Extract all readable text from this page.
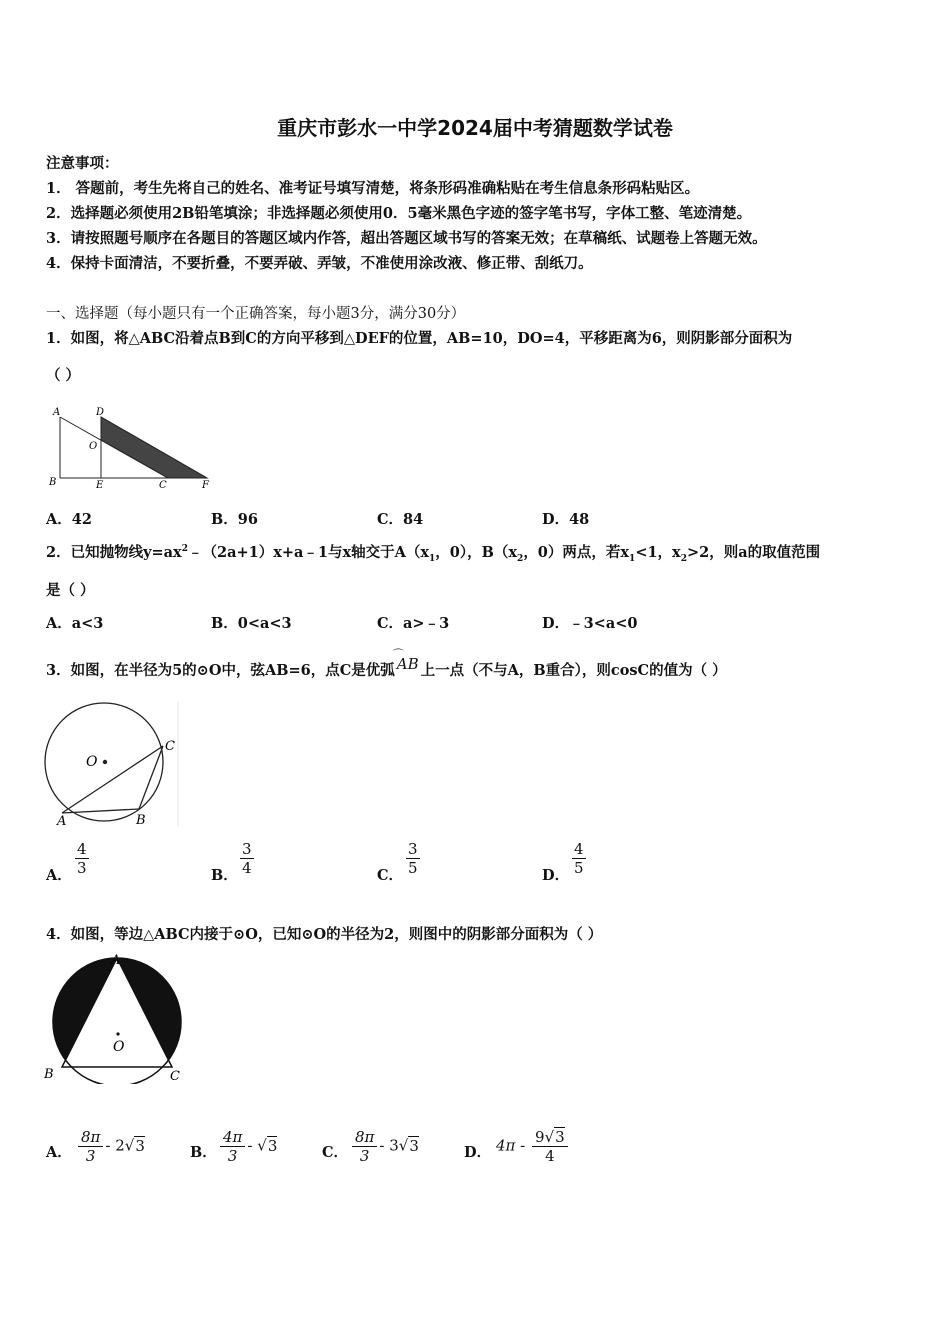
重庆市彭水一中学2024届中考猜题数学试卷
注意事项：
1． 答题前，考生先将自己的姓名、准考证号填写清楚，将条形码准确粘贴在考生信息条形码粘贴区。
2．选择题必须使用2B铅笔填涂；非选择题必须使用0．5毫米黑色字迹的签字笔书写，字体工整、笔迹清楚。
3．请按照题号顺序在各题目的答题区域内作答，超出答题区域书写的答案无效；在草稿纸、试题卷上答题无效。
4．保持卡面清洁，不要折叠，不要弄破、弄皱，不准使用涂改液、修正带、刮纸刀。
一、选择题（每小题只有一个正确答案，每小题3分，满分30分）
1．如图，将△ABC沿着点B到C的方向平移到△DEF的位置，AB=10，DO=4，平移距离为6，则阴影部分面积为
（ ）
A	D
O
B	E	C	F
A．42	B．96	C．84	D．48
2．已知抛物线$y=ax^2﹣(2a+1)x+a﹣1$与x轴交于$A(x_1$，0），$B(x_2$，0）两点，若$x_1<1$，$x_2>2$，则a的取值范围
是（ ）
A．a<3	B．0<a<3	C．a>﹣3	D．﹣3<a<0
3．如图，在半径为5的⊙O中，弦AB=6，点C是优弧
⌒
AB 上一点（不与A，B重合），则cosC的值为（ ）
O
C
A	B
A． $\frac{4}{3}$	B． $\frac{3}{4}$	C． $\frac{3}{5}$	D． $\frac{4}{5}$
4．如图，等边△ABC内接于⊙O，已知⊙O的半径为2，则图中的阴影部分面积为（ ）
A
O
B	C
A． $\frac{8\pi}{3} - 2√3$	B． $\frac{4\pi}{3} - √3$	C． $\frac{8\pi}{3} - 3√3$	D． $4\pi - \frac{9√3}{4}$
